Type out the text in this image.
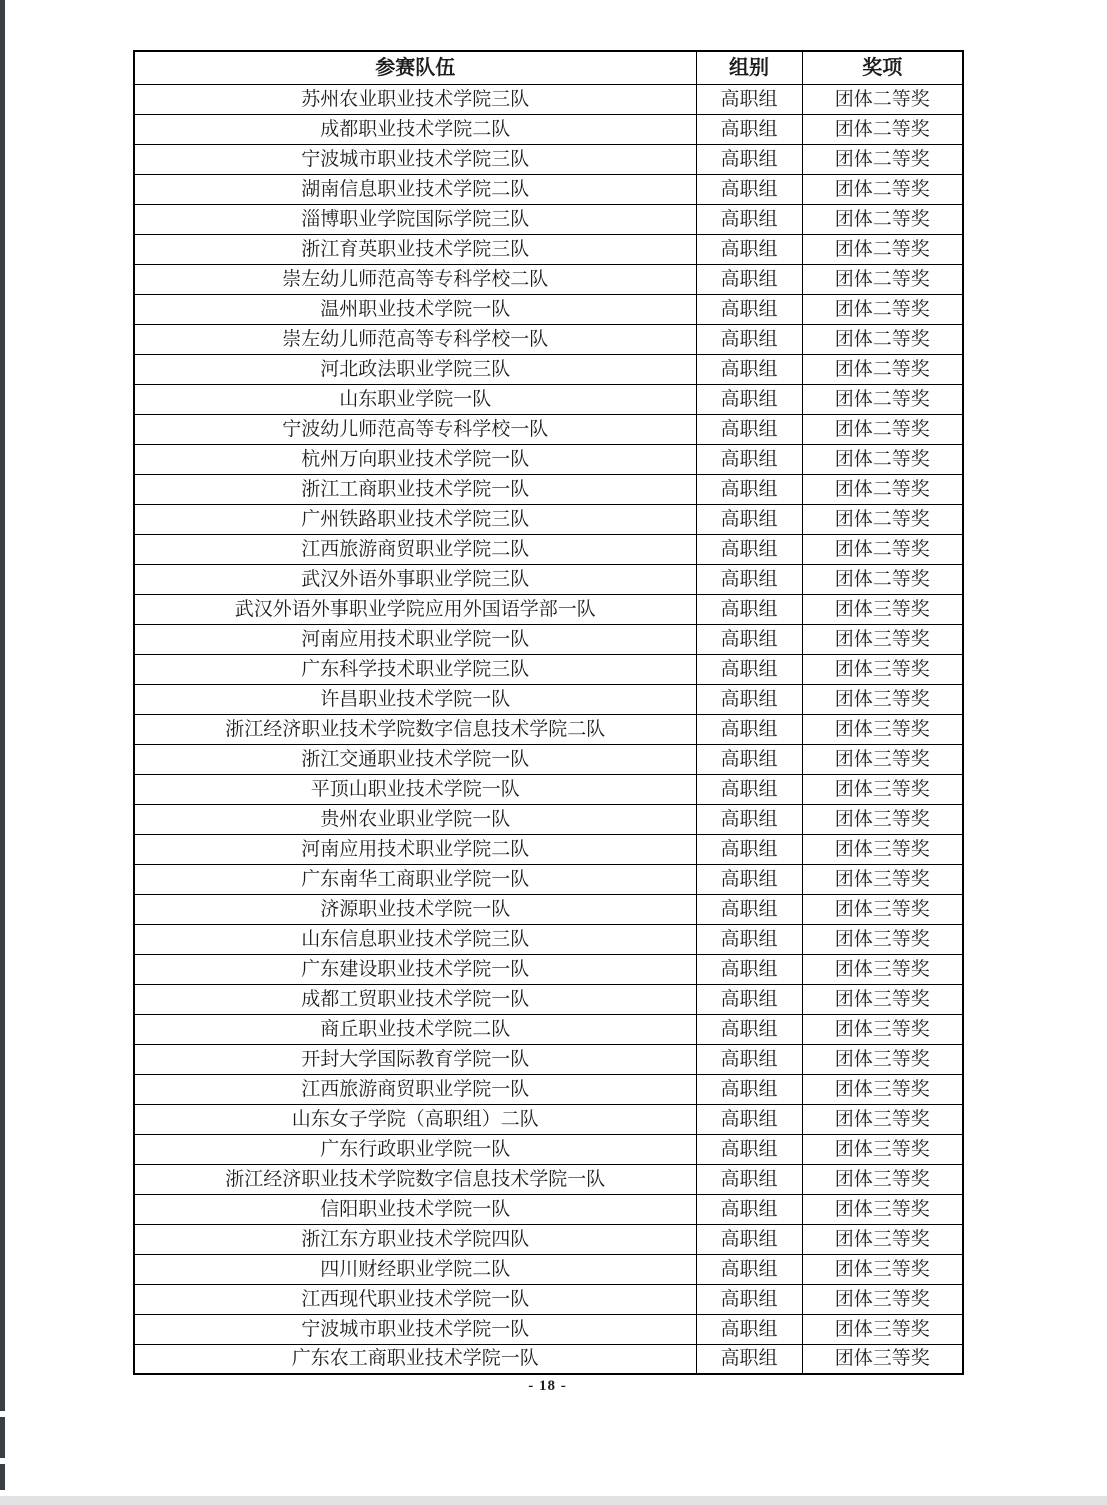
参赛队伍	组别	奖项
苏州农业职业技术学院三队	高职组	团体二等奖
成都职业技术学院二队	高职组	团体二等奖
宁波城市职业技术学院三队	高职组	团体二等奖
湖南信息职业技术学院二队	高职组	团体二等奖
淄博职业学院国际学院三队	高职组	团体二等奖
浙江育英职业技术学院三队	高职组	团体二等奖
崇左幼儿师范高等专科学校二队	高职组	团体二等奖
温州职业技术学院一队	高职组	团体二等奖
崇左幼儿师范高等专科学校一队	高职组	团体二等奖
河北政法职业学院三队	高职组	团体二等奖
山东职业学院一队	高职组	团体二等奖
宁波幼儿师范高等专科学校一队	高职组	团体二等奖
杭州万向职业技术学院一队	高职组	团体二等奖
浙江工商职业技术学院一队	高职组	团体二等奖
广州铁路职业技术学院三队	高职组	团体二等奖
江西旅游商贸职业学院二队	高职组	团体二等奖
武汉外语外事职业学院三队	高职组	团体二等奖
武汉外语外事职业学院应用外国语学部一队	高职组	团体三等奖
河南应用技术职业学院一队	高职组	团体三等奖
广东科学技术职业学院三队	高职组	团体三等奖
许昌职业技术学院一队	高职组	团体三等奖
浙江经济职业技术学院数字信息技术学院二队	高职组	团体三等奖
浙江交通职业技术学院一队	高职组	团体三等奖
平顶山职业技术学院一队	高职组	团体三等奖
贵州农业职业学院一队	高职组	团体三等奖
河南应用技术职业学院二队	高职组	团体三等奖
广东南华工商职业学院一队	高职组	团体三等奖
济源职业技术学院一队	高职组	团体三等奖
山东信息职业技术学院三队	高职组	团体三等奖
广东建设职业技术学院一队	高职组	团体三等奖
成都工贸职业技术学院一队	高职组	团体三等奖
商丘职业技术学院二队	高职组	团体三等奖
开封大学国际教育学院一队	高职组	团体三等奖
江西旅游商贸职业学院一队	高职组	团体三等奖
山东女子学院（高职组）二队	高职组	团体三等奖
广东行政职业学院一队	高职组	团体三等奖
浙江经济职业技术学院数字信息技术学院一队	高职组	团体三等奖
信阳职业技术学院一队	高职组	团体三等奖
浙江东方职业技术学院四队	高职组	团体三等奖
四川财经职业学院二队	高职组	团体三等奖
江西现代职业技术学院一队	高职组	团体三等奖
宁波城市职业技术学院一队	高职组	团体三等奖
广东农工商职业技术学院一队	高职组	团体三等奖
- 18 -
